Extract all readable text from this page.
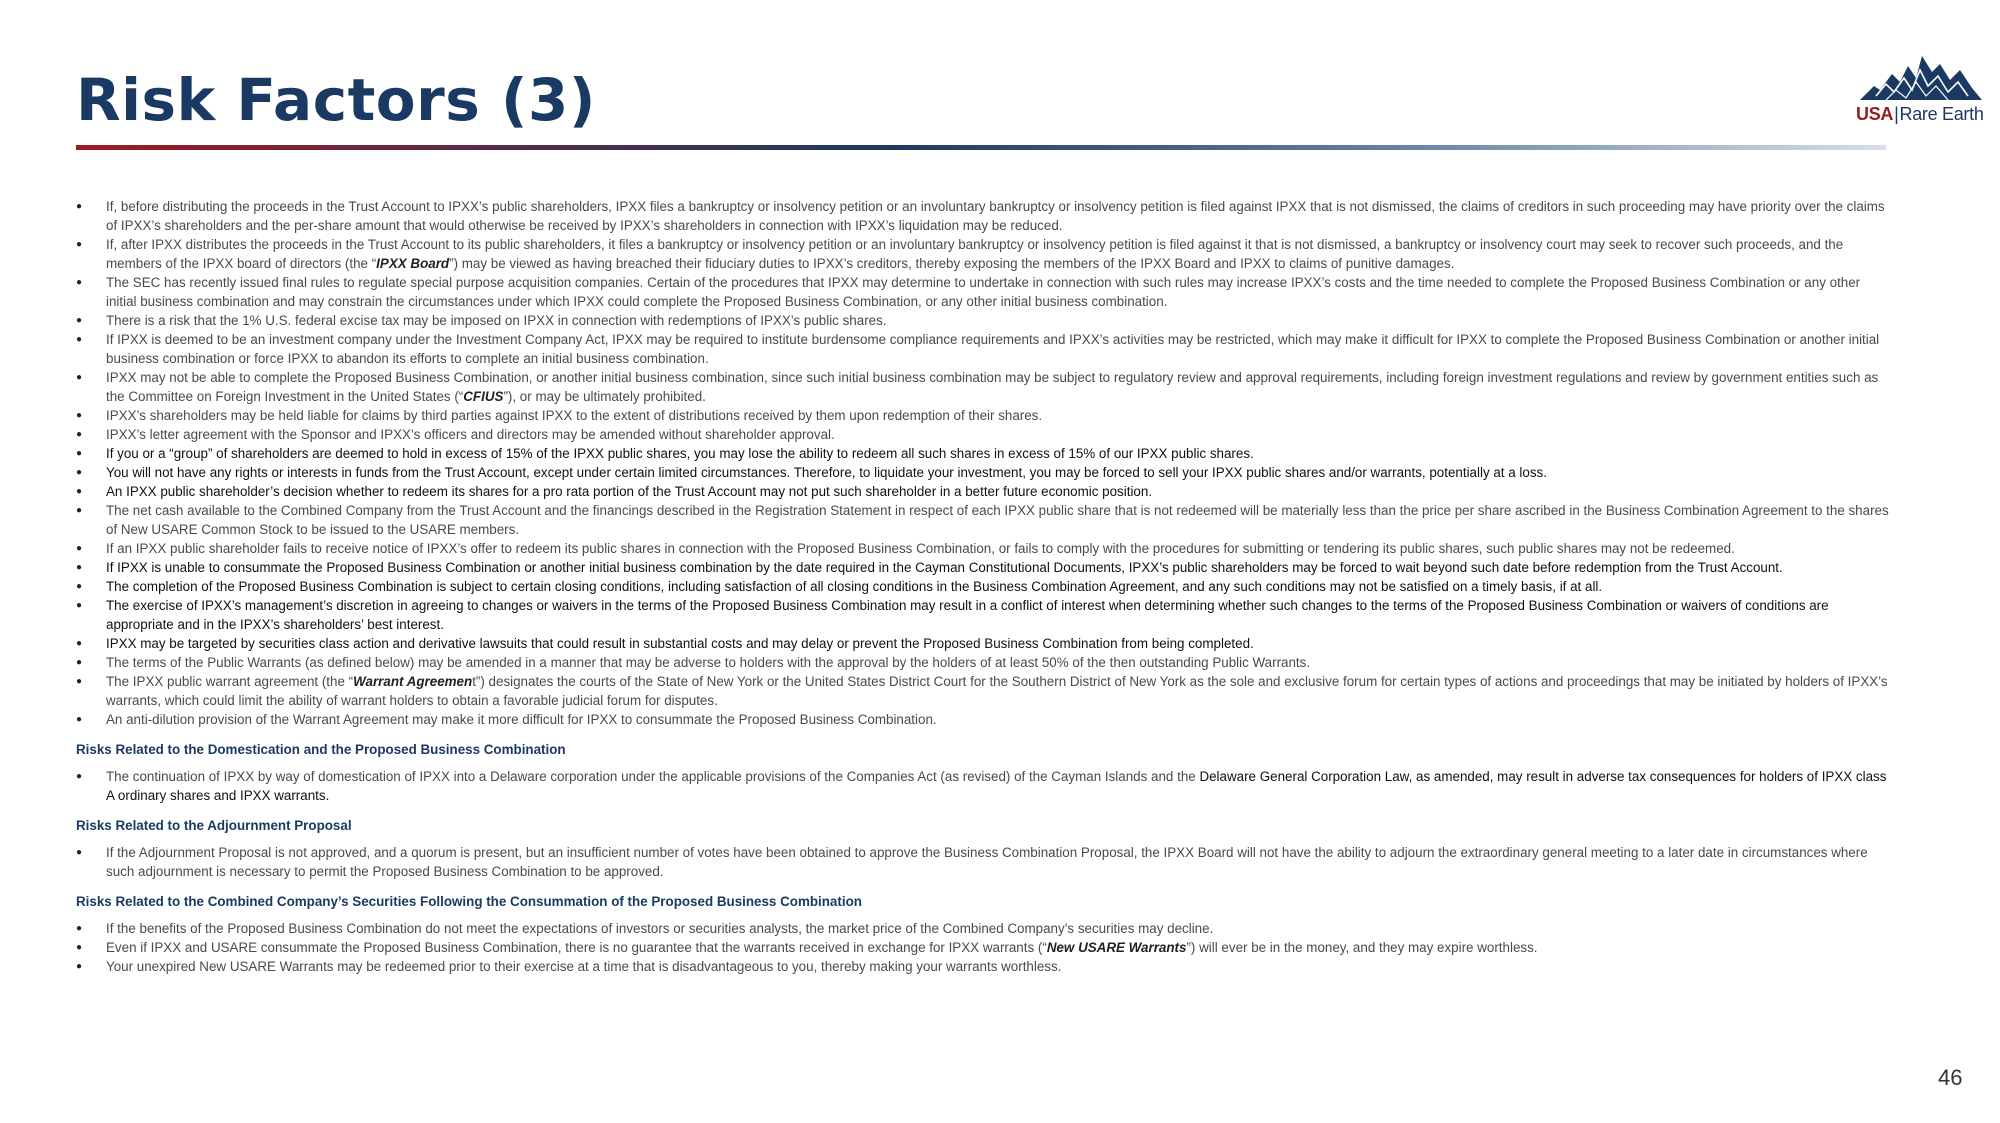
Risk Factors (3)	USA|Rare Earth
● If, before distributing the proceeds in the Trust Account to IPXX’s public shareholders, IPXX files a bankruptcy or insolvency petition or an involuntary bankruptcy or insolvency petition is filed against IPXX that is not dismissed, the claims of creditors in such proceeding may have priority over the claims of IPXX’s shareholders and the per-share amount that would otherwise be received by IPXX’s shareholders in connection with IPXX’s liquidation may be reduced.
● If, after IPXX distributes the proceeds in the Trust Account to its public shareholders, it files a bankruptcy or insolvency petition or an involuntary bankruptcy or insolvency petition is filed against it that is not dismissed, a bankruptcy or insolvency court may seek to recover such proceeds, and the members of the IPXX board of directors (the “IPXX Board”) may be viewed as having breached their fiduciary duties to IPXX’s creditors, thereby exposing the members of the IPXX Board and IPXX to claims of punitive damages.
● The SEC has recently issued final rules to regulate special purpose acquisition companies. Certain of the procedures that IPXX may determine to undertake in connection with such rules may increase IPXX’s costs and the time needed to complete the Proposed Business Combination or any other initial business combination and may constrain the circumstances under which IPXX could complete the Proposed Business Combination, or any other initial business combination.
● There is a risk that the 1% U.S. federal excise tax may be imposed on IPXX in connection with redemptions of IPXX’s public shares.
● If IPXX is deemed to be an investment company under the Investment Company Act, IPXX may be required to institute burdensome compliance requirements and IPXX’s activities may be restricted, which may make it difficult for IPXX to complete the Proposed Business Combination or another initial business combination or force IPXX to abandon its efforts to complete an initial business combination.
● IPXX may not be able to complete the Proposed Business Combination, or another initial business combination, since such initial business combination may be subject to regulatory review and approval requirements, including foreign investment regulations and review by government entities such as the Committee on Foreign Investment in the United States (“CFIUS”), or may be ultimately prohibited.
● IPXX’s shareholders may be held liable for claims by third parties against IPXX to the extent of distributions received by them upon redemption of their shares.
● IPXX’s letter agreement with the Sponsor and IPXX’s officers and directors may be amended without shareholder approval.
● If you or a “group” of shareholders are deemed to hold in excess of 15% of the IPXX public shares, you may lose the ability to redeem all such shares in excess of 15% of our IPXX public shares.
● You will not have any rights or interests in funds from the Trust Account, except under certain limited circumstances. Therefore, to liquidate your investment, you may be forced to sell your IPXX public shares and/or warrants, potentially at a loss.
● An IPXX public shareholder’s decision whether to redeem its shares for a pro rata portion of the Trust Account may not put such shareholder in a better future economic position.
● The net cash available to the Combined Company from the Trust Account and the financings described in the Registration Statement in respect of each IPXX public share that is not redeemed will be materially less than the price per share ascribed in the Business Combination Agreement to the shares of New USARE Common Stock to be issued to the USARE members.
● If an IPXX public shareholder fails to receive notice of IPXX’s offer to redeem its public shares in connection with the Proposed Business Combination, or fails to comply with the procedures for submitting or tendering its public shares, such public shares may not be redeemed.
● If IPXX is unable to consummate the Proposed Business Combination or another initial business combination by the date required in the Cayman Constitutional Documents, IPXX’s public shareholders may be forced to wait beyond such date before redemption from the Trust Account.
● The completion of the Proposed Business Combination is subject to certain closing conditions, including satisfaction of all closing conditions in the Business Combination Agreement, and any such conditions may not be satisfied on a timely basis, if at all.
● The exercise of IPXX’s management’s discretion in agreeing to changes or waivers in the terms of the Proposed Business Combination may result in a conflict of interest when determining whether such changes to the terms of the Proposed Business Combination or waivers of conditions are appropriate and in the IPXX’s shareholders’ best interest.
● IPXX may be targeted by securities class action and derivative lawsuits that could result in substantial costs and may delay or prevent the Proposed Business Combination from being completed.
● The terms of the Public Warrants (as defined below) may be amended in a manner that may be adverse to holders with the approval by the holders of at least 50% of the then outstanding Public Warrants.
● The IPXX public warrant agreement (the “Warrant Agreement”) designates the courts of the State of New York or the United States District Court for the Southern District of New York as the sole and exclusive forum for certain types of actions and proceedings that may be initiated by holders of IPXX’s warrants, which could limit the ability of warrant holders to obtain a favorable judicial forum for disputes.
● An anti-dilution provision of the Warrant Agreement may make it more difficult for IPXX to consummate the Proposed Business Combination.
Risks Related to the Domestication and the Proposed Business Combination
● The continuation of IPXX by way of domestication of IPXX into a Delaware corporation under the applicable provisions of the Companies Act (as revised) of the Cayman Islands and the Delaware General Corporation Law, as amended, may result in adverse tax consequences for holders of IPXX class A ordinary shares and IPXX warrants.
Risks Related to the Adjournment Proposal
● If the Adjournment Proposal is not approved, and a quorum is present, but an insufficient number of votes have been obtained to approve the Business Combination Proposal, the IPXX Board will not have the ability to adjourn the extraordinary general meeting to a later date in circumstances where such adjournment is necessary to permit the Proposed Business Combination to be approved.
Risks Related to the Combined Company’s Securities Following the Consummation of the Proposed Business Combination
● If the benefits of the Proposed Business Combination do not meet the expectations of investors or securities analysts, the market price of the Combined Company’s securities may decline.
● Even if IPXX and USARE consummate the Proposed Business Combination, there is no guarantee that the warrants received in exchange for IPXX warrants (“New USARE Warrants”) will ever be in the money, and they may expire worthless.
● Your unexpired New USARE Warrants may be redeemed prior to their exercise at a time that is disadvantageous to you, thereby making your warrants worthless.
46
